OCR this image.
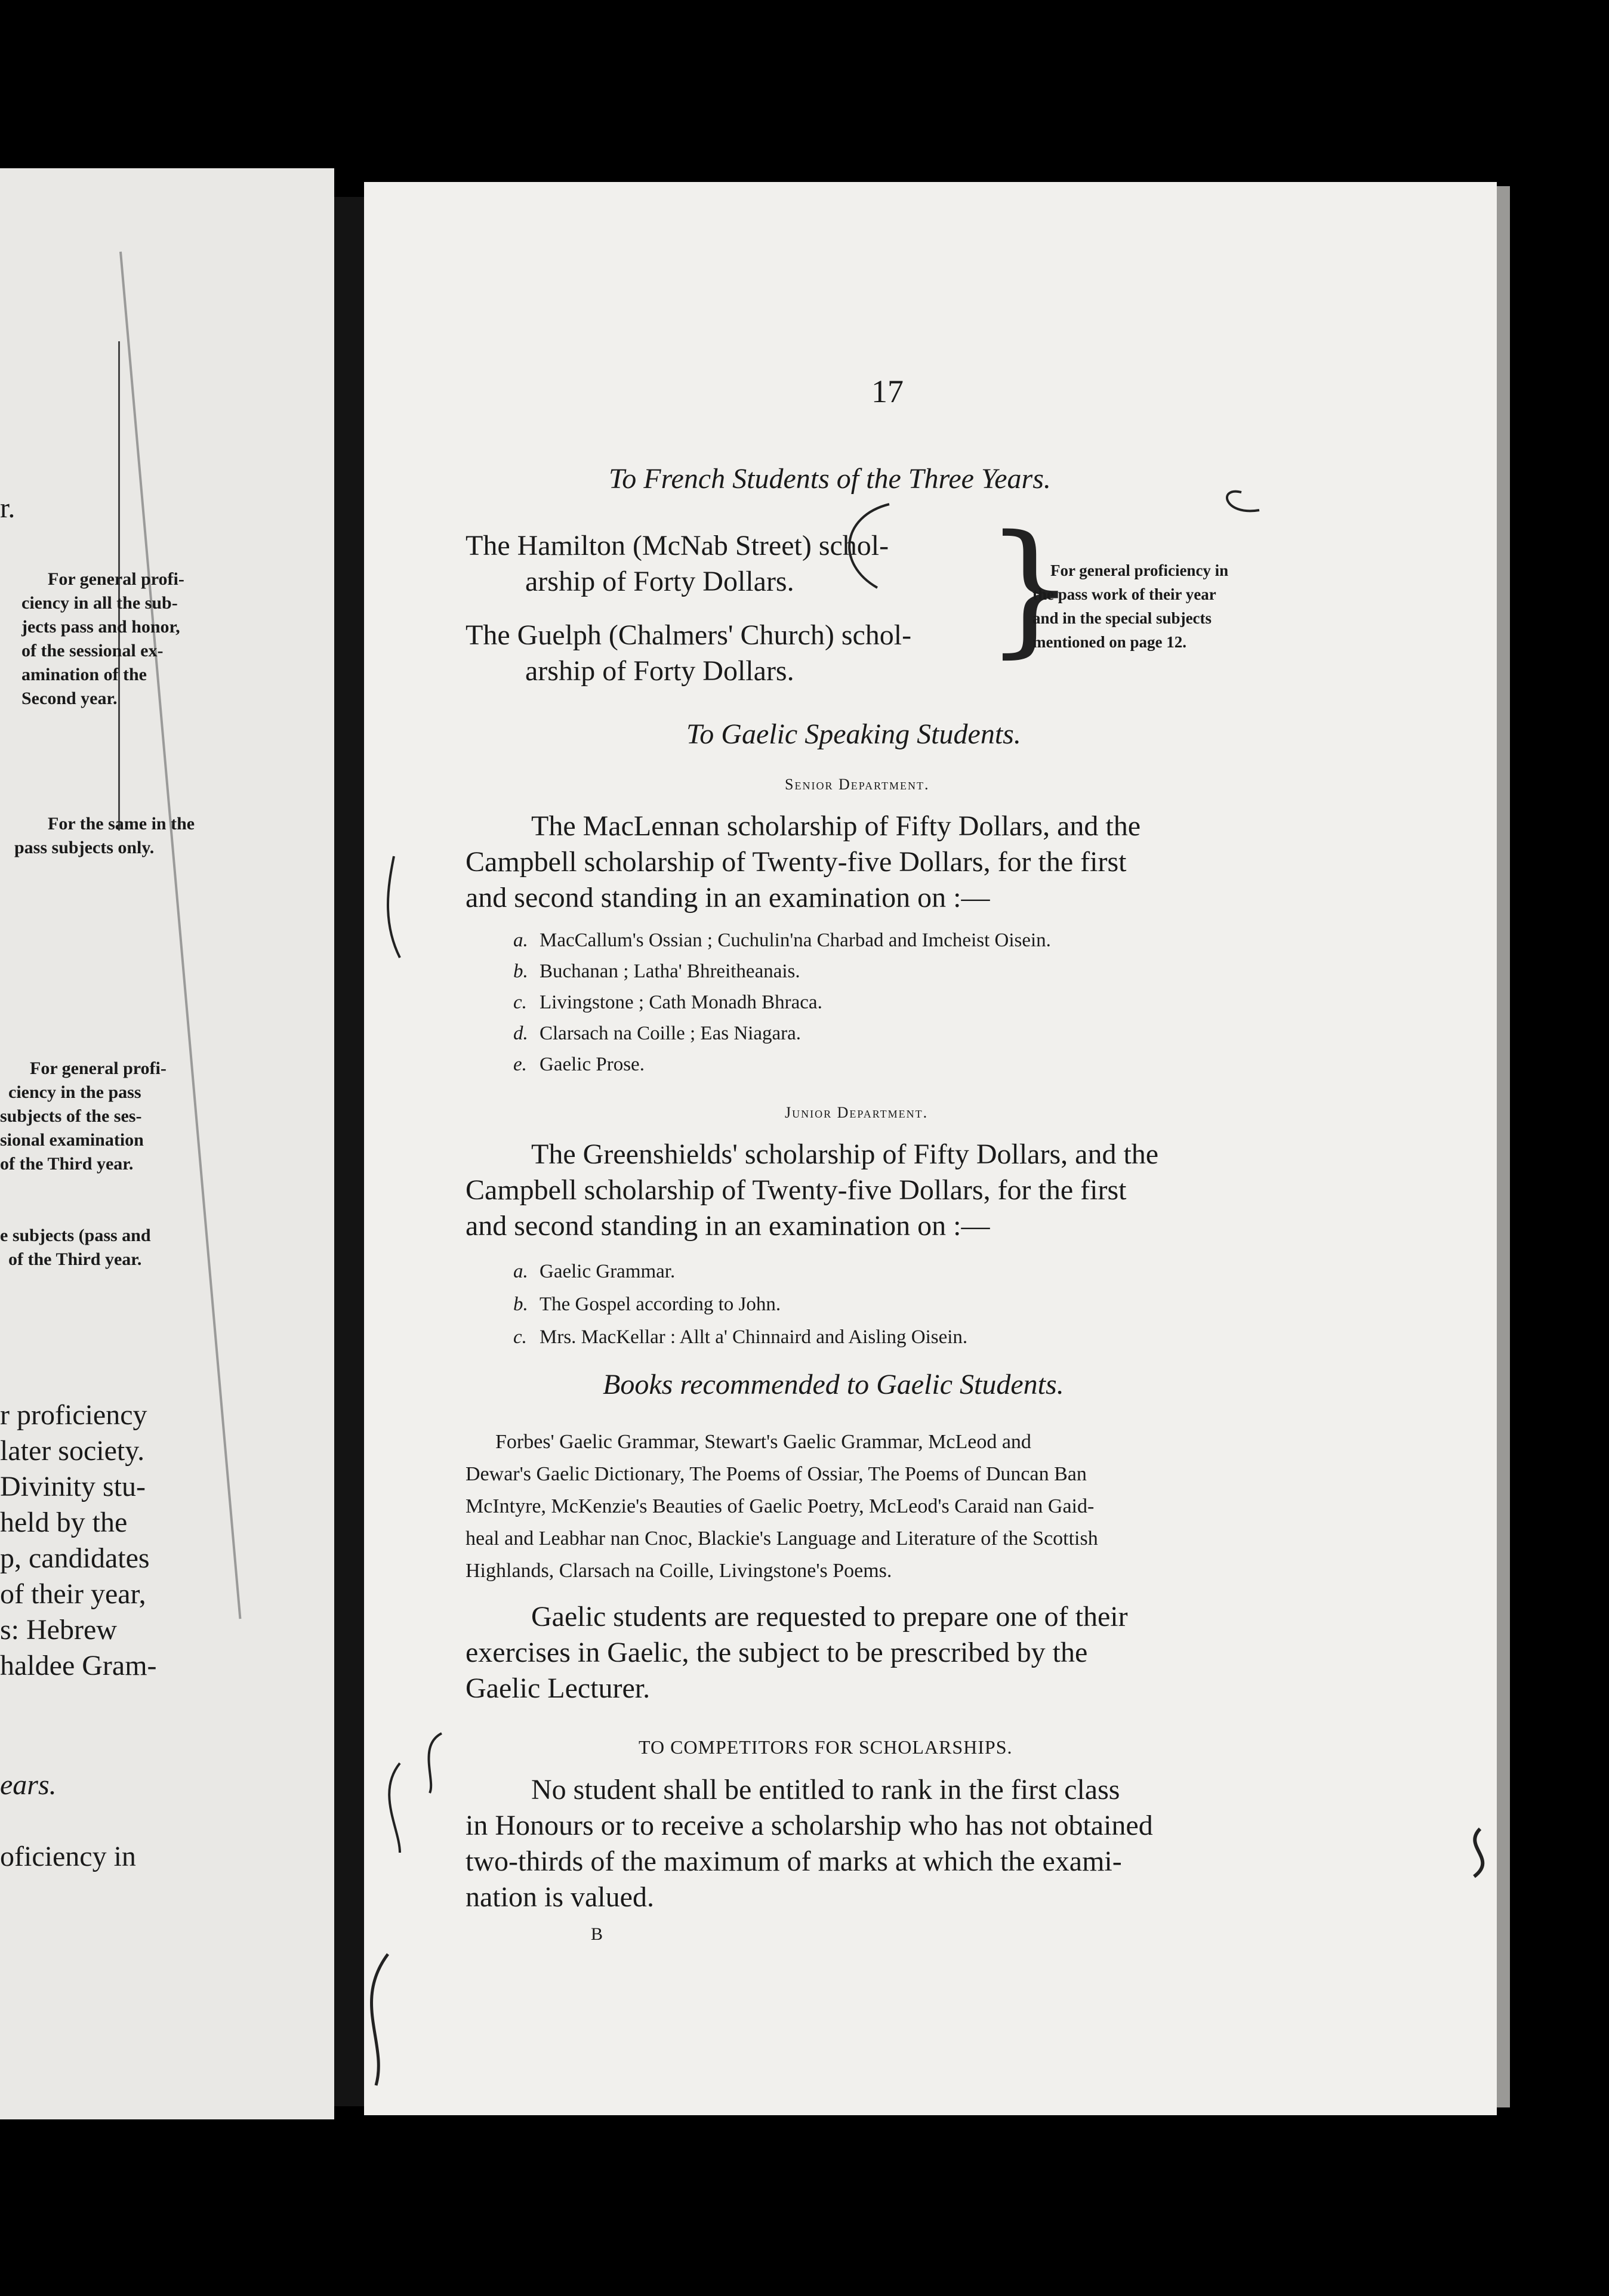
r.
For general profi-
ciency in all the sub-
jects pass and honor,
of the sessional ex-
amination of the
Second year.
For the same in the
pass subjects only.
For general profi-
ciency in the pass
subjects of the ses-
sional examination
of the Third year.
e subjects (pass and
of the Third year.
r proficiency
later society.
Divinity stu-
held by the
p, candidates
of their year,
s: Hebrew
haldee Gram-
ears.
oficiency in
17
To French Students of the Three Years.
The Hamilton (McNab Street) schol-
arship of Forty Dollars.
The Guelph (Chalmers' Church) schol-
arship of Forty Dollars. }
For general proficiency in
the pass work of their year
and in the special subjects
mentioned on page 12.
To Gaelic Speaking Students.
Senior Department.
The MacLennan scholarship of Fifty Dollars, and the
Campbell scholarship of Twenty-five Dollars, for the first
and second standing in an examination on :—
a. MacCallum's Ossian ; Cuchulin'na Charbad and Imcheist Oisein.
b. Buchanan ; Latha' Bhreitheanais.
c. Livingstone ; Cath Monadh Bhraca.
d. Clarsach na Coille ; Eas Niagara.
e. Gaelic Prose.
Junior Department.
The Greenshields' scholarship of Fifty Dollars, and the
Campbell scholarship of Twenty-five Dollars, for the first
and second standing in an examination on :—
a. Gaelic Grammar.
b. The Gospel according to John.
c. Mrs. MacKellar : Allt a' Chinnaird and Aisling Oisein.
Books recommended to Gaelic Students.
Forbes' Gaelic Grammar, Stewart's Gaelic Grammar, McLeod and
Dewar's Gaelic Dictionary, The Poems of Ossiar, The Poems of Duncan Ban
McIntyre, McKenzie's Beauties of Gaelic Poetry, McLeod's Caraid nan Gaid-
heal and Leabhar nan Cnoc, Blackie's Language and Literature of the Scottish
Highlands, Clarsach na Coille, Livingstone's Poems.
Gaelic students are requested to prepare one of their
exercises in Gaelic, the subject to be prescribed by the
Gaelic Lecturer.
TO COMPETITORS FOR SCHOLARSHIPS.
No student shall be entitled to rank in the first class
in Honours or to receive a scholarship who has not obtained
two-thirds of the maximum of marks at which the exami-
nation is valued.
B
